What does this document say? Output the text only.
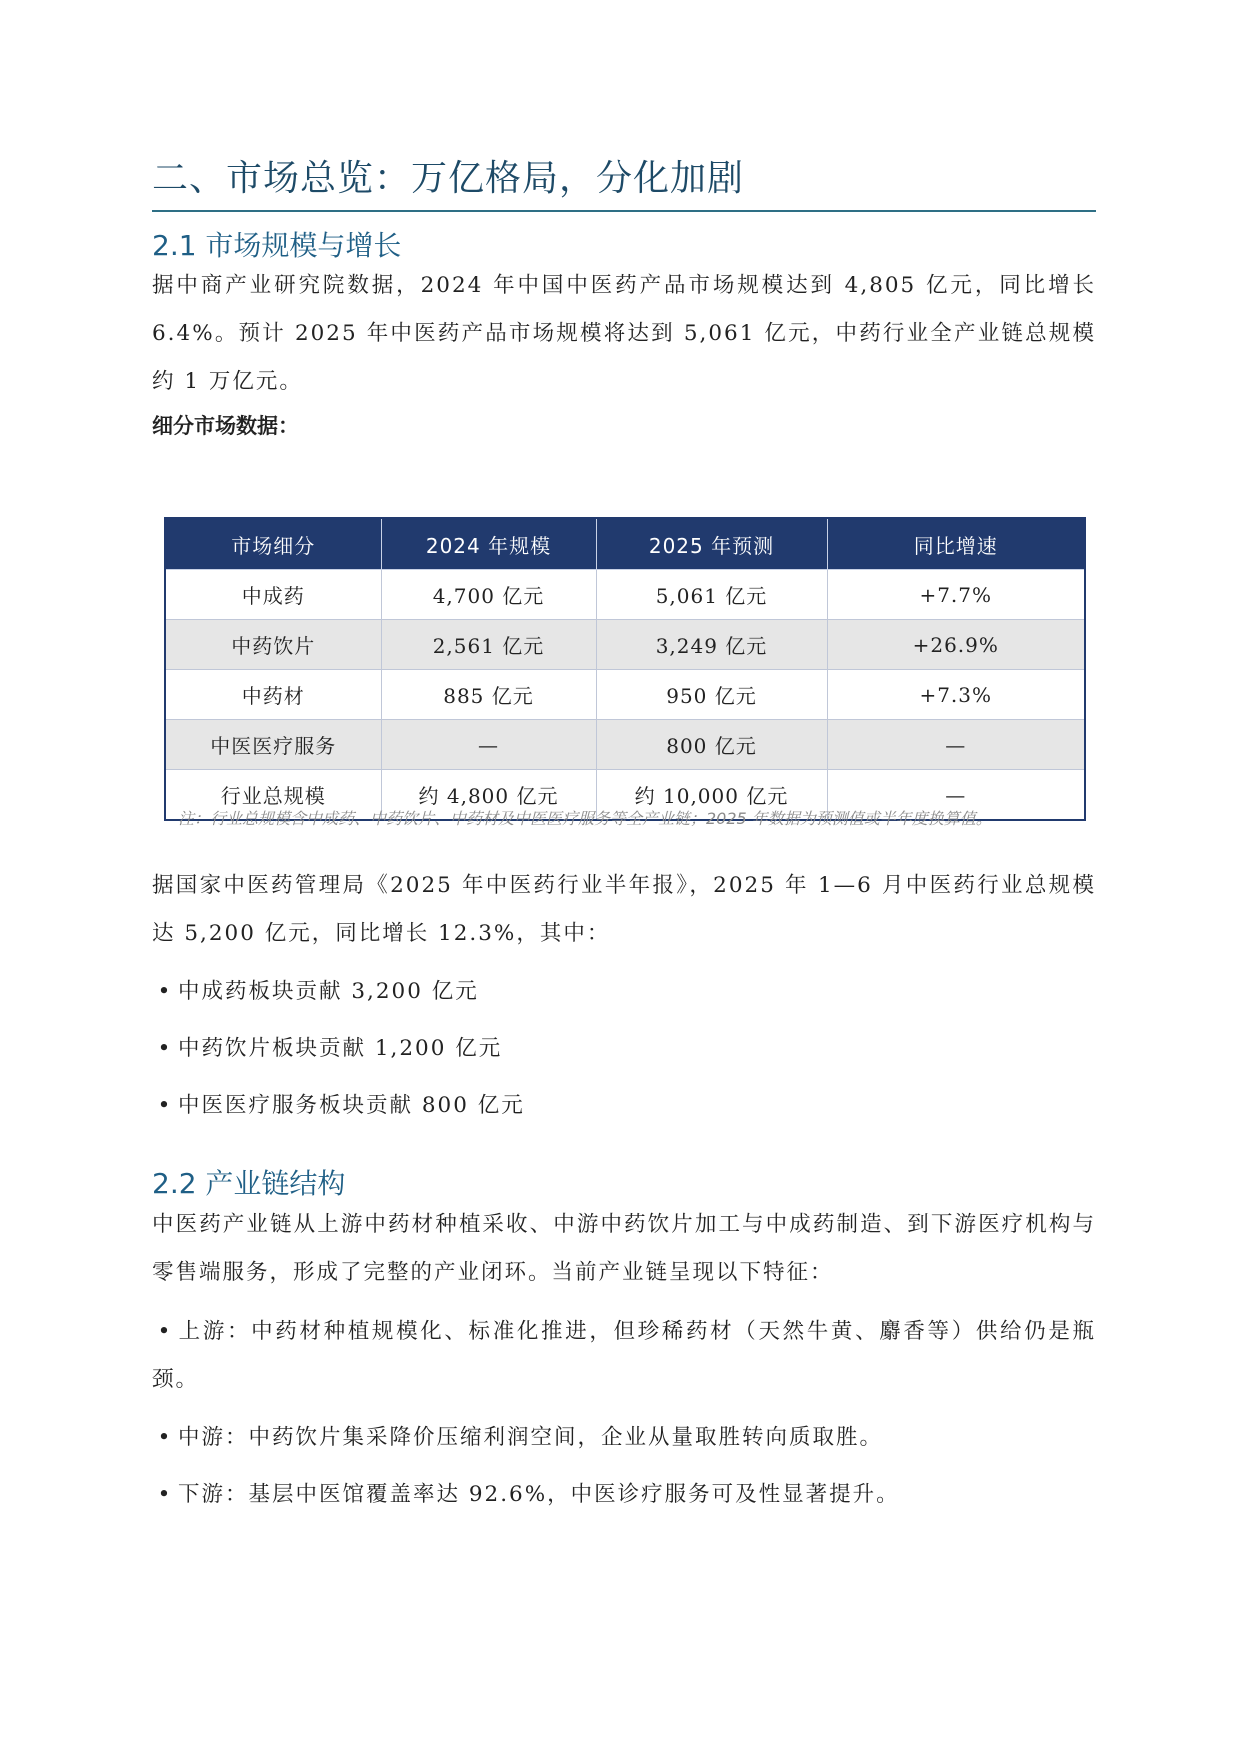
二、市场总览：万亿格局，分化加剧
2.1 市场规模与增长

据中商产业研究院数据，2024 年中国中医药产品市场规模达到 4,805 亿元，同比增长 6.4%。预计 2025 年中医药产品市场规模将达到 5,061 亿元，中药行业全产业链总规模约 1 万亿元。

细分市场数据：

市场细分	2024 年规模	2025 年预测	同比增速
中成药	4,700 亿元	5,061 亿元	+7.7%
中药饮片	2,561 亿元	3,249 亿元	+26.9%
中药材	885 亿元	950 亿元	+7.3%
中医医疗服务	—	800 亿元	—
行业总规模	约 4,800 亿元	约 10,000 亿元	—

注：行业总规模含中成药、中药饮片、中药材及中医医疗服务等全产业链；2025 年数据为预测值或半年度换算值。

据国家中医药管理局《2025 年中医药行业半年报》，2025 年 1—6 月中医药行业总规模达 5,200 亿元，同比增长 12.3%，其中：

• 中成药板块贡献 3,200 亿元

• 中药饮片板块贡献 1,200 亿元

• 中医医疗服务板块贡献 800 亿元

2.2 产业链结构

中医药产业链从上游中药材种植采收、中游中药饮片加工与中成药制造、到下游医疗机构与零售端服务，形成了完整的产业闭环。当前产业链呈现以下特征：

• 上游：中药材种植规模化、标准化推进，但珍稀药材（天然牛黄、麝香等）供给仍是瓶颈。

• 中游：中药饮片集采降价压缩利润空间，企业从量取胜转向质取胜。

• 下游：基层中医馆覆盖率达 92.6%，中医诊疗服务可及性显著提升。
